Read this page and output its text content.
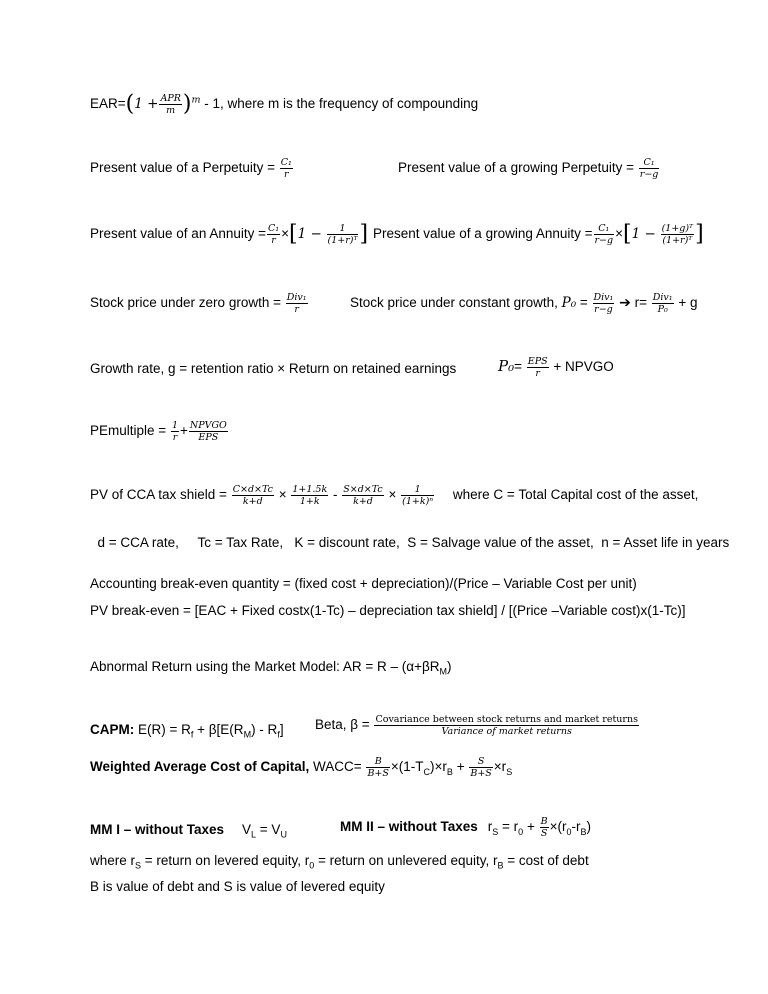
EAR=(1 + APR
m )$^m$ - 1, where m is the frequency of compounding
Present value of a Perpetuity = $\frac{\text{C₁}}{r}$	Present value of a growing Perpetuity = $\frac{\text{C₁}}{r-g}$
Present value of an Annuity = $\frac{\text{C₁}}{r} \times[1 - \frac{1}{\text{(1+r)ᵀ}}$ ] Present value of a growing Annuity = $\frac{\text{C₁}}{r-g} \times[1 - \frac{\text{(1+g)ᵀ}}{\text{(1+r)ᵀ}}$ ]
Stock price under zero growth = Div₁
r	Stock price under constant growth, P₀ = Div₁
r−g ➔ r= Div₁
P₀ + g
Growth rate, g = retention ratio × Return on retained earnings	P₀= EPS
r + NPVGO
PEmultiple = $\frac{1}{r}$ + NPVGO
EPS
PV of CCA tax shield = $\frac{C\times d\times Tc}{k+d} \times \frac{1+1.5k}{1+k} - \frac{S\times d\times Tc}{k+d} \times \frac{1}{\text{(1+k)ⁿ}}$ where C = Total Capital cost of the asset,

d = CCA rate,     Tc = Tax Rate,   K = discount rate,  S = Salvage value of the asset,  n = Asset life in years

Accounting break-even quantity = (fixed cost + depreciation)/(Price – Variable Cost per unit)
PV break-even = [EAC + Fixed costx(1-Tc) – depreciation tax shield] / [(Price –Variable cost)x(1-Tc)]
Abnormal Return using the Market Model: AR = $R - (\alpha+\beta R_M)$
CAPM: $E(R) = R_f + \beta[E(R_M) - R_f]$ Beta, β = Covariance between stock returns and market returns
Variance of market returns
Weighted Average Cost of Capital, WACC= $\frac{B}{B+S} \times(1-T_C)\times r_B + \frac{S}{B+S} \times r_S$
MM I – without Taxes $V_L = V_U$
MM II – without Taxes $r_S = r_0 + \frac{B}{S} \times(r_0-r_B)$
where $r_S$ = return on levered equity, $r_0$ = return on unlevered equity, $r_B = \cos t$ of debt
B is value of debt and S is value of levered equity
